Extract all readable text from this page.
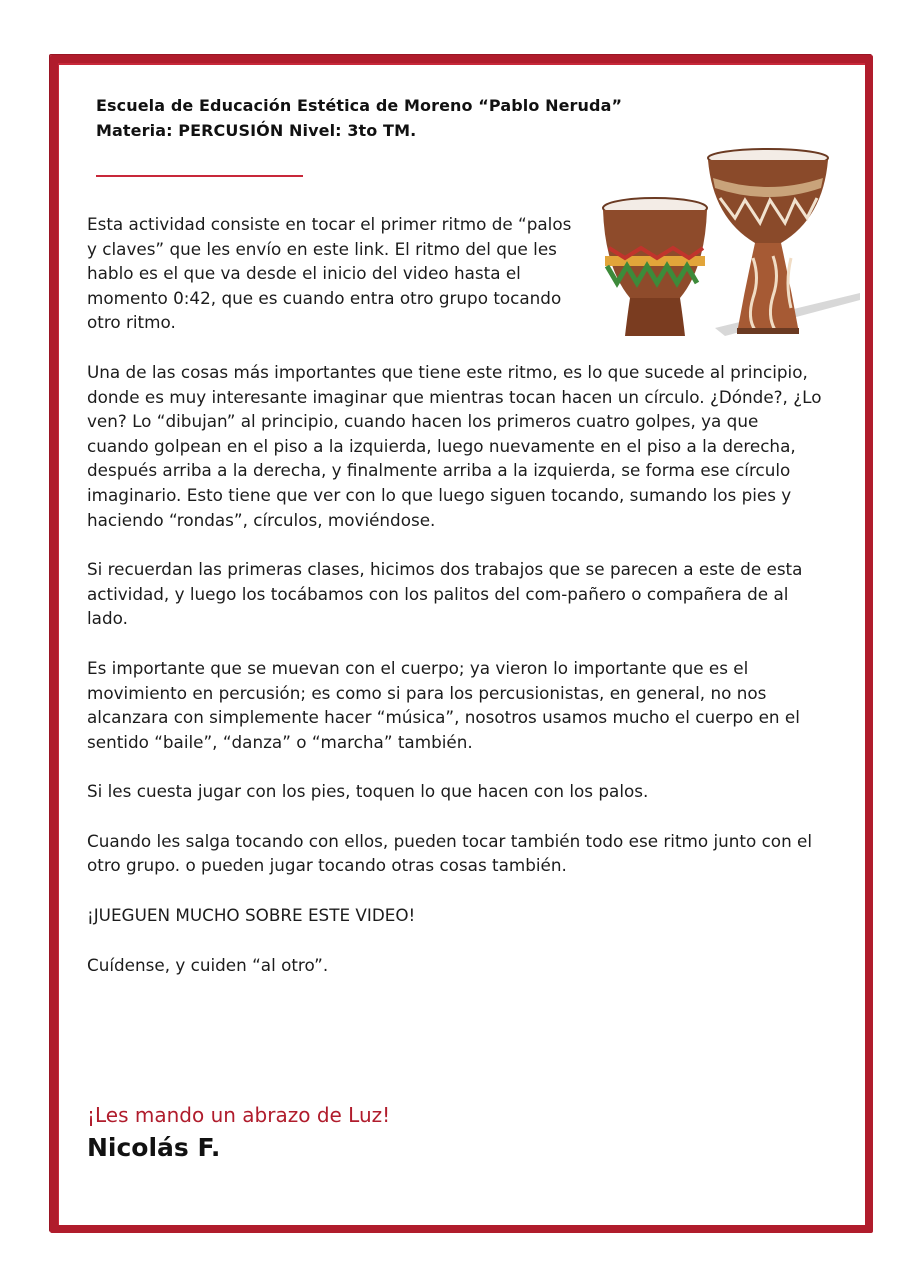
Escuela de Educación Estética de Moreno “Pablo Neruda”
Materia: PERCUSIÓN Nivel: 3to TM.

Esta actividad consiste en tocar el primer ritmo de “palos y claves” que les envío en este link. El ritmo del que les hablo es el que va desde el inicio del video hasta el momento 0:42, que es cuando entra otro grupo tocando otro ritmo.

Una de las cosas más importantes que tiene este ritmo, es lo que sucede al principio, donde es muy interesante imaginar que mientras tocan hacen un círculo. ¿Dónde?, ¿Lo ven? Lo “dibujan” al principio, cuando hacen los primeros cuatro golpes, ya que cuando golpean en el piso a la izquierda, luego nuevamente en el piso a la derecha, después arriba a la derecha, y finalmente arriba a la izquierda, se forma ese círculo imaginario. Esto tiene que ver con lo que luego siguen tocando, sumando los pies y haciendo “rondas”, círculos, moviéndose.

Si recuerdan las primeras clases, hicimos dos trabajos que se parecen a este de esta actividad, y luego los tocábamos con los palitos del com-pañero o compañera de al lado.

Es importante que se muevan con el cuerpo; ya vieron lo importante que es el movimiento en percusión; es como si para los percusionistas, en general, no nos alcanzara con simplemente hacer “música”, nosotros usamos mucho el cuerpo en el sentido “baile”, “danza” o “marcha” también.

Si les cuesta jugar con los pies, toquen lo que hacen con los palos.

Cuando les salga tocando con ellos, pueden tocar también todo ese ritmo junto con el otro grupo. o pueden jugar tocando otras cosas también.

¡JUEGUEN MUCHO SOBRE ESTE VIDEO!

Cuídense, y cuiden “al otro”.

¡Les mando un abrazo de Luz!
Nicolás F.
